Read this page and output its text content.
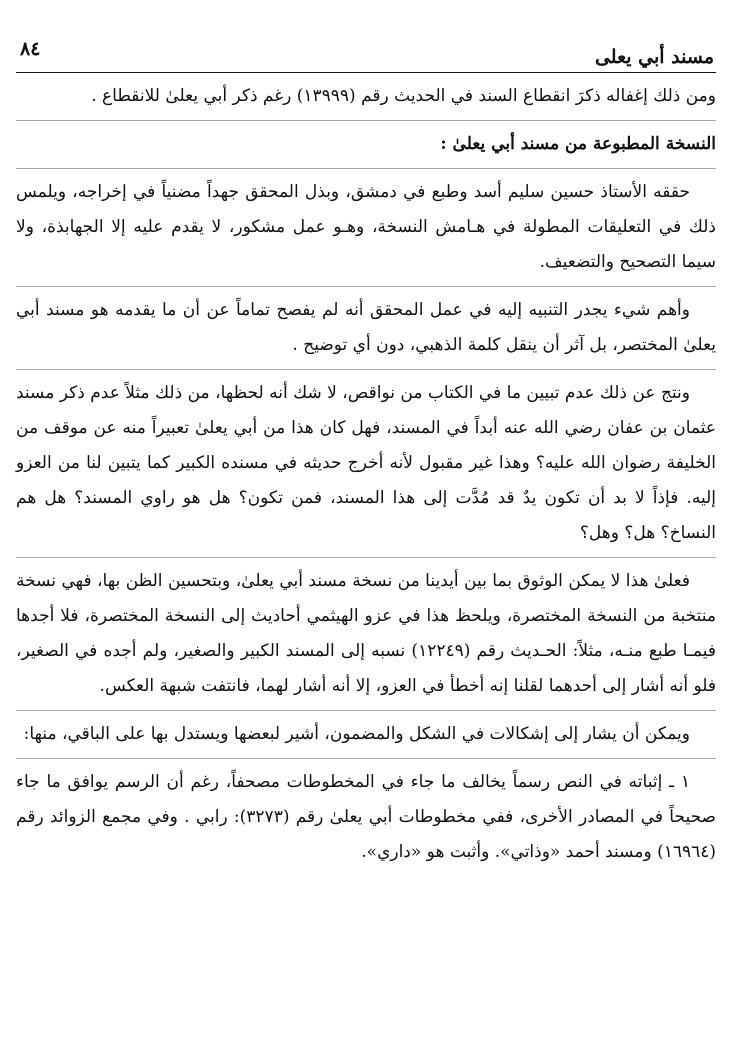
مسند أبي يعلى
٨٤

ومن ذلك إغفاله ذكرَ انقطاع السند في الحديث رقم (١٣٩٩٩) رغم ذكر أبي يعلىٰ للانقطاع .

النسخة المطبوعة من مسند أبي يعلىٰ :

حققه الأستاذ حسين سليم أسد وطبع في دمشق، وبذل المحقق جهداً مضنياً في إخراجه، ويلمس ذلك في التعليقات المطولة في هـامش النسخة، وهـو عمل مشكور، لا يقدم عليه إلا الجهابذة، ولا سيما التصحيح والتضعيف.

وأهم شيء يجدر التنبيه إليه في عمل المحقق أنه لم يفصح تماماً عن أن ما يقدمه هو مسند أبي يعلىٰ المختصر، بل آثر أن ينقل كلمة الذهبي، دون أي توضيح .

ونتج عن ذلك عدم تبيين ما في الكتاب من نواقص، لا شك أنه لحظها، من ذلك مثلاً عدم ذكر مسند عثمان بن عفان رضي الله عنه أبداً في المسند، فهل كان هذا من أبي يعلىٰ تعبيراً منه عن موقف من الخليفة رضوان الله عليه؟ وهذا غير مقبول لأنه أخرج حديثه في مسنده الكبير كما يتبين لنا من العزو إليه. فإذاً لا بد أن تكون يدٌ قد مُدَّت إلى هذا المسند، فمن تكون؟ هل هو راوي المسند؟ هل هم النساخ؟ هل؟ وهل؟

فعلىٰ هذا لا يمكن الوثوق بما بين أيدينا من نسخة مسند أبي يعلىٰ، وبتحسين الظن بها، فهي نسخة منتخبة من النسخة المختصرة، ويلحظ هذا في عزو الهيثمي أحاديث إلى النسخة المختصرة، فلا أجدها فيمـا طبع منـه، مثلاً: الحـديث رقم (١٢٢٤٩) نسبه إلى المسند الكبير والصغير، ولم أجده في الصغير، فلو أنه أشار إلى أحدهما لقلنا إنه أخطأ في العزو، إلا أنه أشار لهما، فانتفت شبهة العكس.

ويمكن أن يشار إلى إشكالات في الشكل والمضمون، أشير لبعضها ويستدل بها على الباقي، منها:

١ ـ إثباته في النص رسماً يخالف ما جاء في المخطوطات مصحفاً، رغم أن الرسم يوافق ما جاء صحيحاً في المصادر الأخرى، ففي مخطوطات أبي يعلىٰ رقم (٣٢٧٣): رابي . وفي مجمع الزوائد رقم (١٦٩٦٤) ومسند أحمد «وذاتي». وأثبت هو «داري».
